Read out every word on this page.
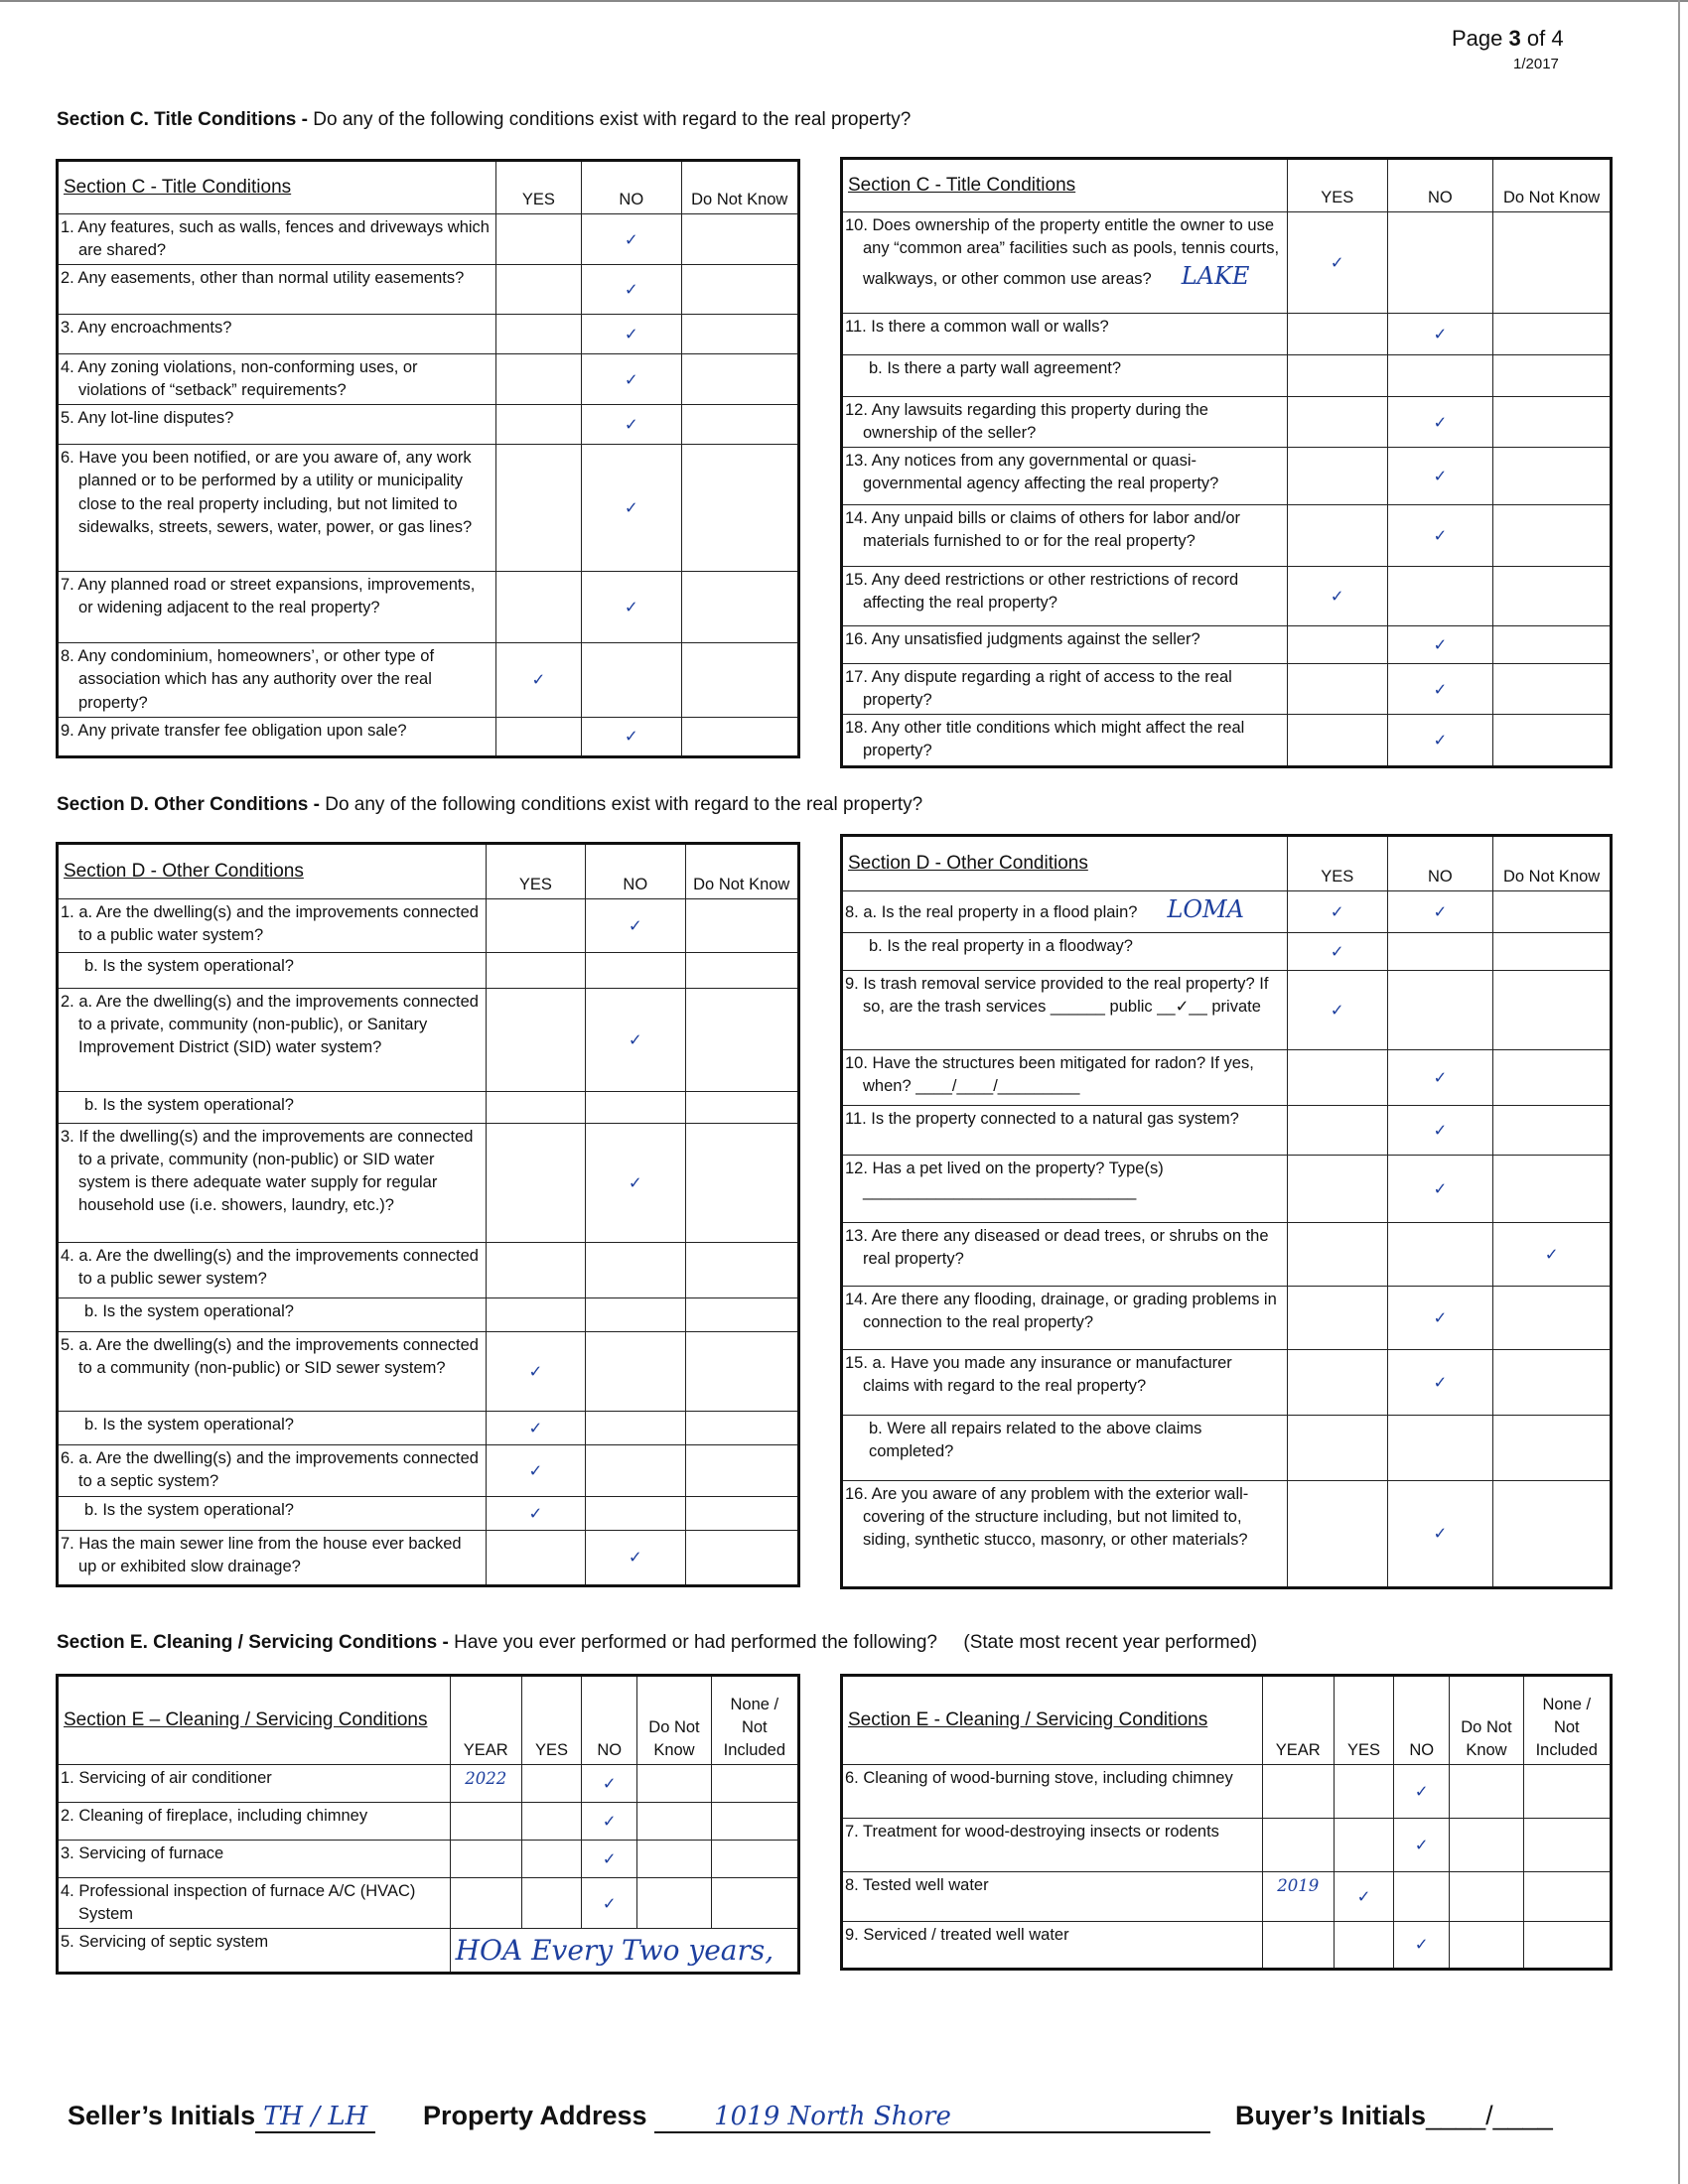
Page 3 of 4
1/2017
Section C. Title Conditions - Do any of the following conditions exist with regard to the real property?
Section C - Title Conditions	YES	NO	Do Not Know
1. Any features, such as walls, fences and driveways which are shared?		✓	
2. Any easements, other than normal utility easements?		✓	
3. Any encroachments?		✓	
4. Any zoning violations, non-conforming uses, or violations of “setback” requirements?		✓	
5. Any lot-line disputes?		✓	
6. Have you been notified, or are you aware of, any work planned or to be performed by a utility or municipality close to the real property including, but not limited to sidewalks, streets, sewers, water, power, or gas lines?		✓	
7. Any planned road or street expansions, improvements, or widening adjacent to the real property?		✓	
8. Any condominium, homeowners’, or other type of association which has any authority over the real property?	✓		
9. Any private transfer fee obligation upon sale?		✓	
Section C - Title Conditions	YES	NO	Do Not Know
10. Does ownership of the property entitle the owner to use any “common area” facilities such as pools, tennis courts, walkways, or other common use areas? LAKE	✓		
11. Is there a common wall or walls?		✓	
b. Is there a party wall agreement?			
12. Any lawsuits regarding this property during the ownership of the seller?		✓	
13. Any notices from any governmental or quasi-governmental agency affecting the real property?		✓	
14. Any unpaid bills or claims of others for labor and/or materials furnished to or for the real property?		✓	
15. Any deed restrictions or other restrictions of record affecting the real property?	✓		
16. Any unsatisfied judgments against the seller?		✓	
17. Any dispute regarding a right of access to the real property?		✓	
18. Any other title conditions which might affect the real property?		✓	
Section D. Other Conditions - Do any of the following conditions exist with regard to the real property?
Section D - Other Conditions	YES	NO	Do Not Know
1. a. Are the dwelling(s) and the improvements connected to a public water system?		✓	
b. Is the system operational?			
2. a. Are the dwelling(s) and the improvements connected to a private, community (non-public), or Sanitary Improvement District (SID) water system?		✓	
b. Is the system operational?			
3. If the dwelling(s) and the improvements are connected to a private, community (non-public) or SID water system is there adequate water supply for regular household use (i.e. showers, laundry, etc.)?		✓	
4. a. Are the dwelling(s) and the improvements connected to a public sewer system?			
b. Is the system operational?			
5. a. Are the dwelling(s) and the improvements connected to a community (non-public) or SID sewer system?	✓		
b. Is the system operational?	✓		
6. a. Are the dwelling(s) and the improvements connected to a septic system?	✓		
b. Is the system operational?	✓		
7. Has the main sewer line from the house ever backed up or exhibited slow drainage?		✓	
Section D - Other Conditions	YES	NO	Do Not Know
8. a. Is the real property in a flood plain? LOMA	✓	✓	
b. Is the real property in a floodway?	✓		
9. Is trash removal service provided to the real property? If so, are the trash services ______ public __✓__ private	✓		
10. Have the structures been mitigated for radon? If yes, when? ____/____/_________		✓	
11. Is the property connected to a natural gas system?		✓	
12. Has a pet lived on the property? Type(s) ______________________________		✓	
13. Are there any diseased or dead trees, or shrubs on the real property?			✓
14. Are there any flooding, drainage, or grading problems in connection to the real property?		✓	
15. a. Have you made any insurance or manufacturer claims with regard to the real property?		✓	
b. Were all repairs related to the above claims completed?			
16. Are you aware of any problem with the exterior wall-covering of the structure including, but not limited to, siding, synthetic stucco, masonry, or other materials?		✓	
Section E. Cleaning / Servicing Conditions - Have you ever performed or had performed the following? (State most recent year performed)
Section E – Cleaning / Servicing Conditions	YEAR	YES	NO	Do Not Know	None / Not Included
1. Servicing of air conditioner	2022		✓		
2. Cleaning of fireplace, including chimney			✓		
3. Servicing of furnace			✓		
4. Professional inspection of furnace A/C (HVAC) System			✓		
5. Servicing of septic system	HOA Every Two years,				
Section E - Cleaning / Servicing Conditions	YEAR	YES	NO	Do Not Know	None / Not Included
6. Cleaning of wood-burning stove, including chimney			✓		
7. Treatment for wood-destroying insects or rodents			✓		
8. Tested well water	2019	✓			
9. Serviced / treated well water			✓		
Seller’s Initials TH / LH Property Address	1019 North Shore	Buyer’s Initials____/____
